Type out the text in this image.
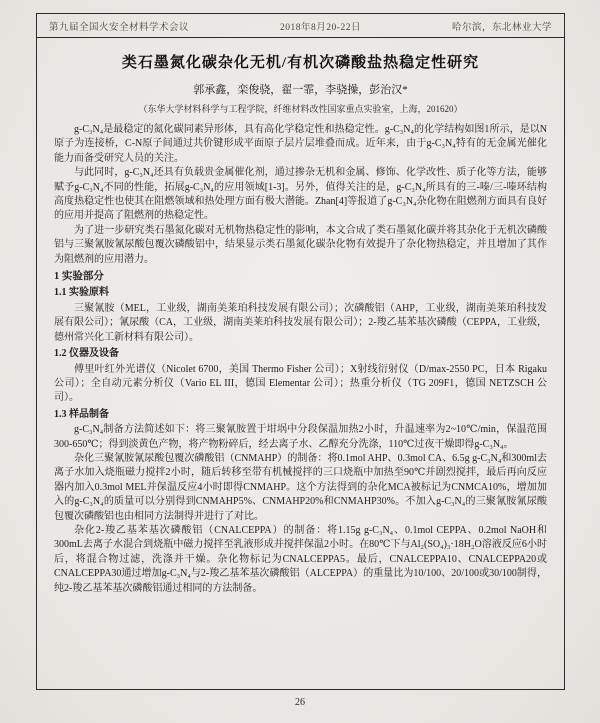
第九届全国火安全材料学术会议	2018年8月20-22日	哈尔滨，东北林业大学
类石墨氮化碳杂化无机/有机次磷酸盐热稳定性研究
郭承鑫，栾俊骁，翟一霏，李骁操，彭治汉*
（东华大学材料科学与工程学院，纤维材料改性国家重点实验室，上海，201620）
g-C₃N₄是最稳定的氮化碳同素异形体，具有高化学稳定性和热稳定性。g-C₃N₄的化学结构如图1所示，是以N原子为连接桥，C-N原子间通过共价键形成平面原子层片层堆叠而成。近年来，由于g-C₃N₄特有的无金属光催化能力而备受研究人员的关注。
与此同时，g-C₃N₄还具有负载贵金属催化剂，通过掺杂无机和金属、修饰、化学改性、质子化等方法，能够赋予g-C₃N₄不同的性能，拓展g-C₃N₄的应用领域[1-3]。另外，值得关注的是，g-C₃N₄所具有的三-嗪/三-嗪环结构高度热稳定性也使其在阻燃领域和热处理方面有极大潜能。Zhan[4]等报道了g-C₃N₄杂化物在阻燃剂方面具有良好的应用并提高了阻燃剂的热稳定性。
为了进一步研究类石墨氮化碳对无机物热稳定性的影响，本文合成了类石墨氮化碳并将其杂化于无机次磷酸铝与三聚氰胺氰尿酸包覆次磷酸铝中，结果显示类石墨氮化碳杂化物有效提升了杂化物热稳定，并且增加了其作为阻燃剂的应用潜力。
1 实验部分
1.1 实验原料
三聚氰胺（MEL，工业级，湖南美莱珀科技发展有限公司）；次磷酸铝（AHP，工业级，湖南美莱珀科技发展有限公司）；氰尿酸（CA，工业级，湖南美莱珀科技发展有限公司）；2-羧乙基苯基次磷酸（CEPPA，工业级，德州常兴化工新材料有限公司）。
1.2 仪器及设备
傅里叶红外光谱仪（Nicolet 6700，美国 Thermo Fisher 公司）；X射线衍射仪（D/max-2550 PC，日本 Rigaku 公司）；全自动元素分析仪（Vario EL III，德国 Elementar 公司）；热重分析仪（TG 209F1，德国 NETZSCH 公司）。
1.3 样品制备
g-C₃N₄制备方法简述如下：将三聚氰胺置于坩埚中分段保温加热2小时，升温速率为2~10℃/min，保温范围300-650℃；得到淡黄色产物，将产物粉碎后，经去离子水、乙醇充分洗涤，110℃过夜干燥即得g-C₃N₄。
杂化三聚氰胺氰尿酸包覆次磷酸铝（CNMAHP）的制备：将0.1mol AHP、0.3mol CA、6.5g g-C₃N₄和300ml去离子水加入烧瓶磁力搅拌2小时，随后转移至带有机械搅拌的三口烧瓶中加热至90℃并剧烈搅拌，最后再向反应器内加入0.3mol MEL并保温反应4小时即得CNMAHP。这个方法得到的杂化MCA被标记为CNMCA10%，增加加入的g-C₃N₄的质量可以分别得到CNMAHP5%、CNMAHP20%和CNMAHP30%。不加入g-C₃N₄的三聚氰胺氰尿酸包覆次磷酸铝也由相同方法制得并进行了对比。
杂化2-羧乙基苯基次磷酸铝（CNALCEPPA）的制备：将1.15g g-C₃N₄、0.1mol CEPPA、0.2mol NaOH和300mL去离子水混合到烧瓶中磁力搅拌至乳液形成并搅拌保温2小时。在80℃下与Al₂(SO₄)₃·18H₂O溶液反应6小时后，将混合物过滤，洗涤并干燥。杂化物标记为CNALCEPPA5。最后，CNALCEPPA10、CNALCEPPA20或CNALCEPPA30通过增加g-C₃N₄与2-羧乙基苯基次磷酸铝（ALCEPPA）的重量比为10/100、20/100或30/100制得，纯2-羧乙基苯基次磷酸铝通过相同的方法制备。
26
